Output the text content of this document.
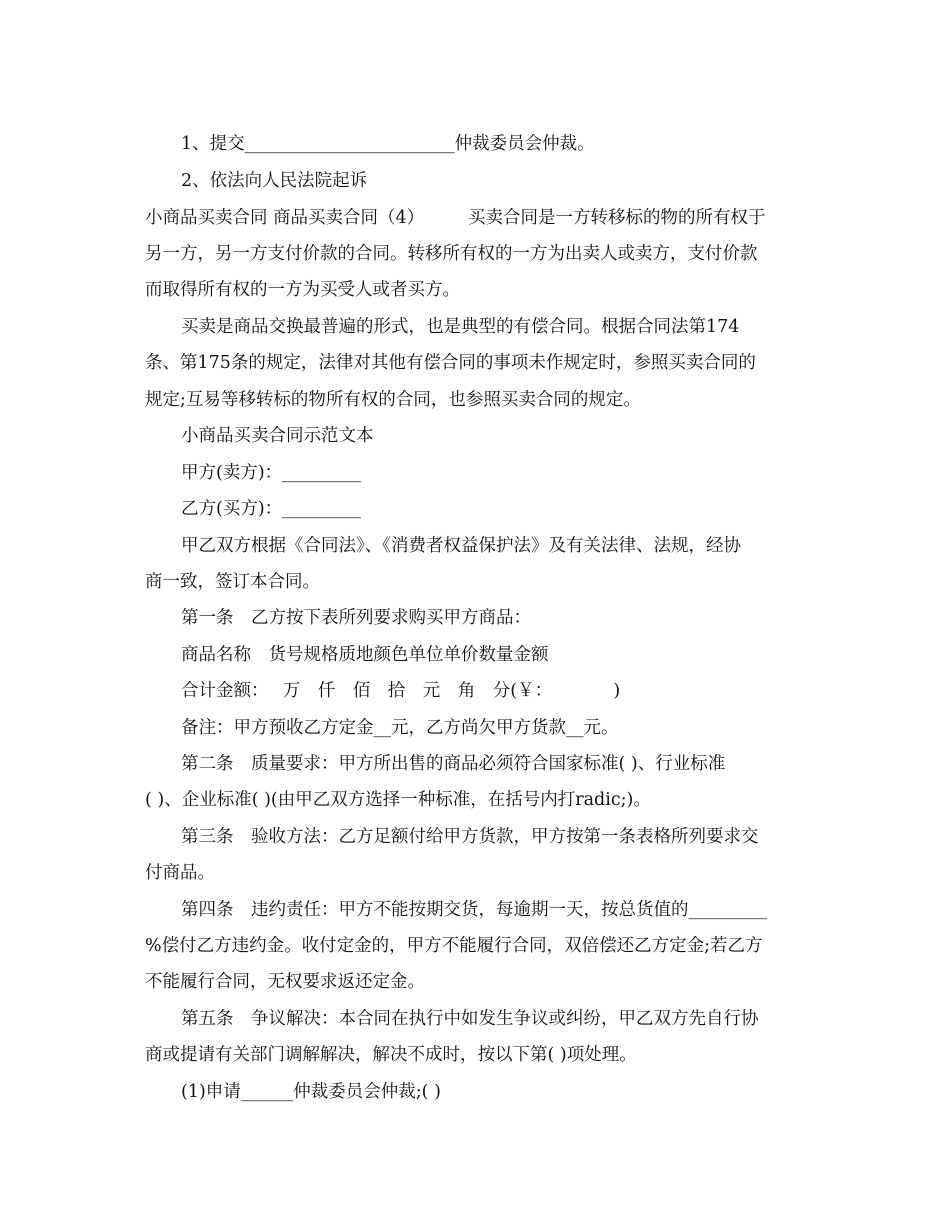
1、提交________________________仲裁委员会仲裁。

2、依法向人民法院起诉

小商品买卖合同 商品买卖合同（4）　　　买卖合同是一方转移标的物的所有权于

另一方，另一方支付价款的合同。转移所有权的一方为出卖人或卖方，支付价款

而取得所有权的一方为买受人或者买方。

买卖是商品交换最普遍的形式，也是典型的有偿合同。根据合同法第174

条、第175条的规定，法律对其他有偿合同的事项未作规定时，参照买卖合同的

规定;互易等移转标的物所有权的合同，也参照买卖合同的规定。

小商品买卖合同示范文本

甲方(卖方)：_________

乙方(买方)：_________

甲乙双方根据《合同法》、《消费者权益保护法》及有关法律、法规，经协

商一致，签订本合同。

第一条　乙方按下表所列要求购买甲方商品：

商品名称　货号规格质地颜色单位单价数量金额

合计金额：　 万　仟　佰　拾　元　角　分(￥：　　　　)

备注：甲方预收乙方定金__元，乙方尚欠甲方货款__元。

第二条　质量要求：甲方所出售的商品必须符合国家标准( )、行业标准

( )、企业标准( )(由甲乙双方选择一种标准，在括号内打radic;)。

第三条　验收方法：乙方足额付给甲方货款，甲方按第一条表格所列要求交

付商品。

第四条　违约责任：甲方不能按期交货，每逾期一天，按总货值的_________

%偿付乙方违约金。收付定金的，甲方不能履行合同，双倍偿还乙方定金;若乙方

不能履行合同，无权要求返还定金。

第五条　争议解决：本合同在执行中如发生争议或纠纷，甲乙双方先自行协

商或提请有关部门调解解决，解决不成时，按以下第( )项处理。

(1)申请______仲裁委员会仲裁;( )
